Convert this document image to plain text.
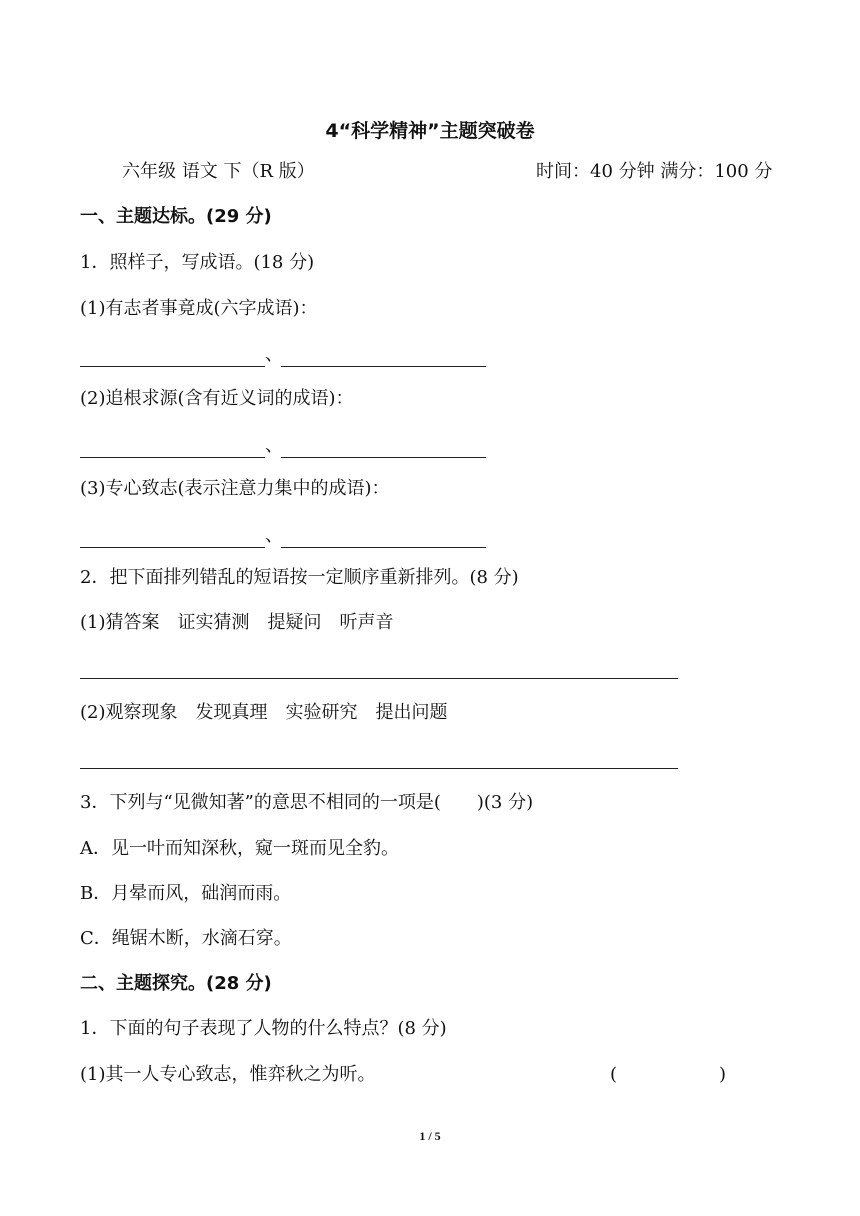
4“科学精神”主题突破卷
六年级 语文 下（R 版）	时间：40 分钟 满分：100 分
一、主题达标。(29 分)
1．照样子，写成语。(18 分)
(1)有志者事竟成(六字成语)：
、
(2)追根求源(含有近义词的成语)：
、
(3)专心致志(表示注意力集中的成语)：
、
2．把下面排列错乱的短语按一定顺序重新排列。(8 分)
(1)猜答案　证实猜测　提疑问　听声音
(2)观察现象　发现真理　实验研究　提出问题
3．下列与“见微知著”的意思不相同的一项是(　　)(3 分)
A．见一叶而知深秋，窥一斑而见全豹。
B．月晕而风，础润而雨。
C．绳锯木断，水滴石穿。
二、主题探究。(28 分)
1．下面的句子表现了人物的什么特点？(8 分)
(1)其一人专心致志，惟弈秋之为听。	(	)
1 / 5
